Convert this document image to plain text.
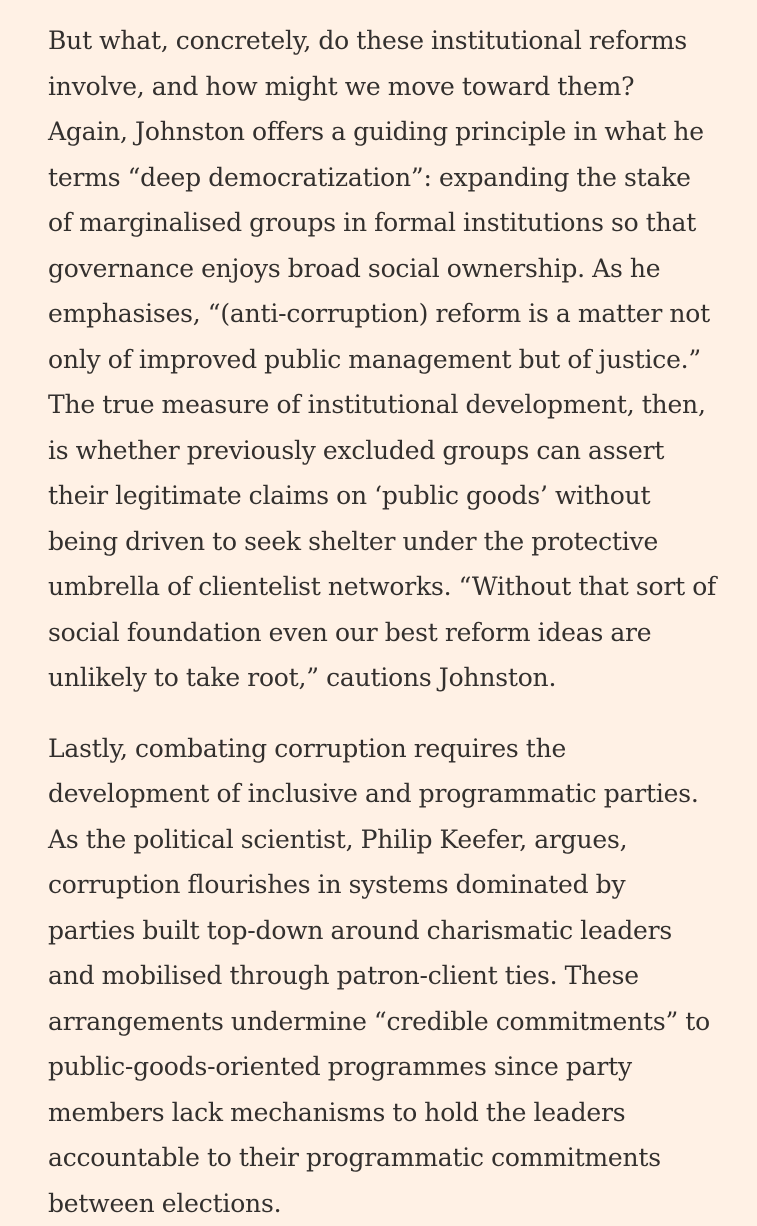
But what, concretely, do these institutional reforms involve, and how might we move toward them? Again, Johnston offers a guiding principle in what he terms “deep democratization”: expanding the stake of marginalised groups in formal institutions so that governance enjoys broad social ownership. As he emphasises, “(anti-corruption) reform is a matter not only of improved public management but of justice.” The true measure of institutional development, then, is whether previously excluded groups can assert their legitimate claims on ‘public goods’ without being driven to seek shelter under the protective umbrella of clientelist networks. “Without that sort of social foundation even our best reform ideas are unlikely to take root,” cautions Johnston.

Lastly, combating corruption requires the development of inclusive and programmatic parties. As the political scientist, Philip Keefer, argues, corruption flourishes in systems dominated by parties built top-down around charismatic leaders and mobilised through patron-client ties. These arrangements undermine “credible commitments” to public-goods-oriented programmes since party members lack mechanisms to hold the leaders accountable to their programmatic commitments between elections.
